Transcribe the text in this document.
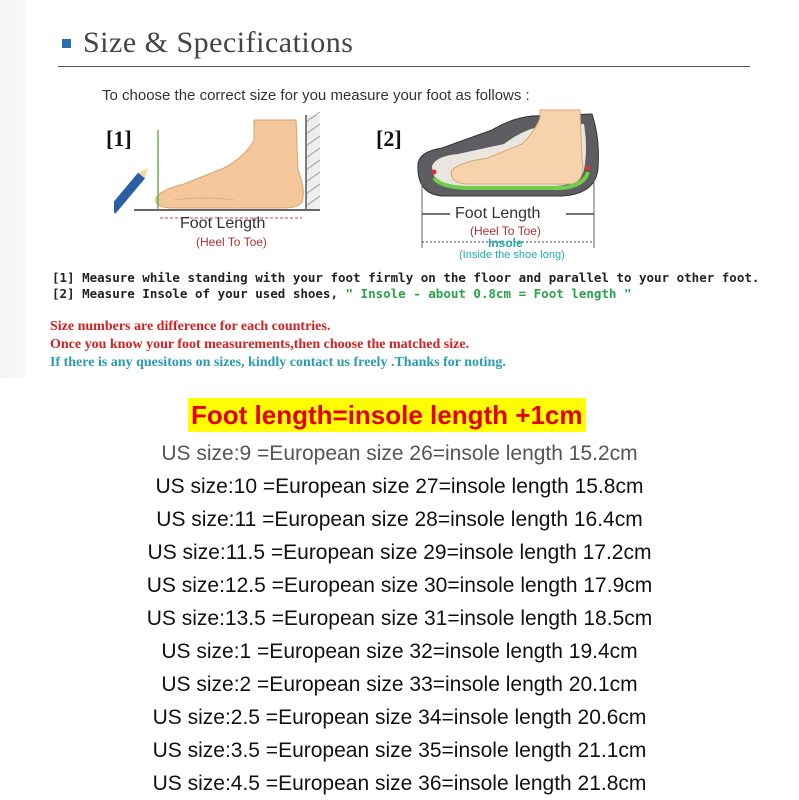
Size & Specifications
To choose the correct size for you measure your foot as follows :
[1]	[2]
Foot Length
(Heel To Toe)
Foot Length
(Heel To Toe)
Insole
(Inside the shoe long)
[1] Measure while standing with your foot firmly on the floor and parallel to your other foot.
[2] Measure Insole of your used shoes, " Insole - about 0.8cm = Foot length "
Size numbers are difference for each countries.
Once you know your foot measurements,then choose the matched size.
If there is any quesitons on sizes, kindly contact us freely .Thanks for noting.
Foot length=insole length +1cm
US size:9 =European size 26=insole length 15.2cm
US size:10 =European size 27=insole length 15.8cm
US size:11 =European size 28=insole length 16.4cm
US size:11.5 =European size 29=insole length 17.2cm
US size:12.5 =European size 30=insole length 17.9cm
US size:13.5 =European size 31=insole length 18.5cm
US size:1 =European size 32=insole length 19.4cm
US size:2 =European size 33=insole length 20.1cm
US size:2.5 =European size 34=insole length 20.6cm
US size:3.5 =European size 35=insole length 21.1cm
US size:4.5 =European size 36=insole length 21.8cm
